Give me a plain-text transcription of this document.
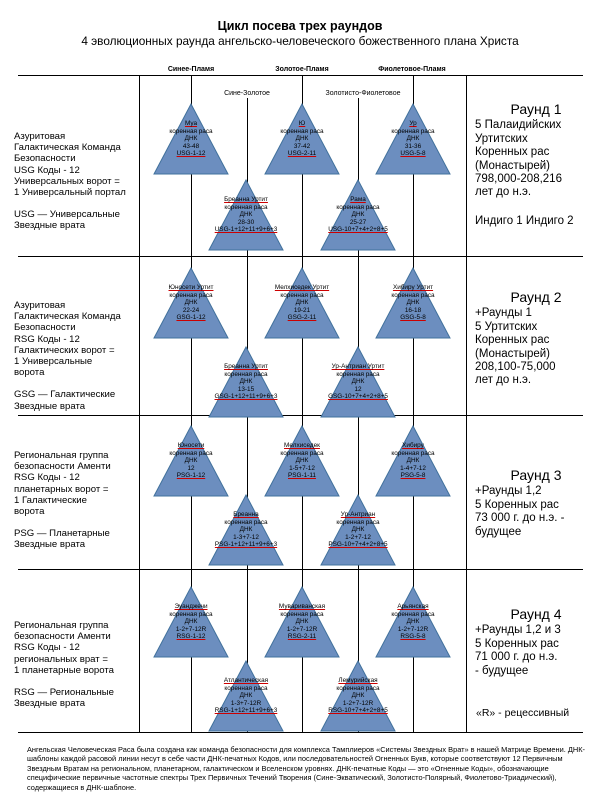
Цикл посева трех раундов
4 эволюционных раунда ангельско-человеческого божественного плана Христа
Синее-Пламя	Золотое-Пламя	Фиолетовое-Пламя
Сине-Золотое	Золотисто-Фиолетовое
Азуритовая
Галактическая Команда
Безопасности
USG Коды - 12
Универсальных ворот =
1 Универсальный портал
USG — Универсальные
Звездные врата
Азуритовая
Галактическая Команда
Безопасности
RSG Коды - 12
Галактических ворот =
1 Универсальные
ворота
GSG — Галактические
Звездные врата
Региональная группа
безопасности Аменти
RSG Коды - 12
планетарных ворот =
1 Галактические
ворота
PSG — Планетарные
Звездные врата
Региональная группа
безопасности Аменти
RSG Коды - 12
региональных врат =
1 планетарные ворота
RSG — Региональные
Звездные врата
Раунд 1
5 Палаидийских
Уртитских
Коренных рас
(Монастырей)
798,000-208,216
лет до н.э.
Индиго 1 Индиго 2
Раунд 2
+Раунды 1
5 Уртитских
Коренных рас
(Монастырей)
208,100-75,000
лет до н.э.
Раунд 3
+Раунды 1,2
5 Коренных рас
73 000 г. до н.э. -
будущее
Раунд 4
+Раунды 1,2 и 3
5 Коренных рас
71 000 г. до н.э.
- будущее
«R» - рецессивный
Ангельская Человеческая Раса была создана как команда безопасности для комплекса Тамплиеров «Системы Звездных Врат» в нашей Матрице Времени. ДНК-шаблоны каждой расовой линии несут в себе части ДНК-печатных Кодов, или последовательностей Огненных Букв, которые соответствуют 12 Первичным Звездным Вратам на региональном, планетарном, галактическом и Вселенском уровнях. ДНК-печатные Коды — это «Огненные Коды», обозначающие специфические первичные частотные спектры Трех Первичных Течений Творения (Сине-Экватический, Золотисто-Полярный, Фиолетово-Триадический), содержащиеся в ДНК-шаблоне.
Муа
коренная раса
ДНК
43-48
USG-1-12
Ю
коренная раса
ДНК
37-42
USG-2-11
Ур
коренная раса
ДНК
31-36
USG-5-8
Бреанна Уртит
коренная раса
ДНК
28-30
USG-1+12+11+9+6+3
Рама
коренная раса
ДНК
25-27
USG-10+7+4+2+8+5
Юносети Уртит
коренная раса
ДНК
22-24
GSG-1-12
Мелхиседек Уртит
коренная раса
ДНК
19-21
GSG-2-11
Хибиру Уртит
коренная раса
ДНК
16-18
GSG-5-8
Бреанна Уртит
коренная раса
ДНК
13-15
GSG-1+12+11+9+6+3
Ур-Антриан Уртит
коренная раса
ДНК
12
GSG-10+7+4+2+8+5
Юносети
коренная раса
ДНК
12
PSG-1-12
Мелхиседек
коренная раса
ДНК
1-5+7-12
PSG-1-11
Хибиру
коренная раса
ДНК
1-4+7-12
PSG-5-8
Бреанна
коренная раса
ДНК
1-3+7-12
PSG-1+12+11+9+6+3
Ур-Антриан
коренная раса
ДНК
1-2+7-12
PSG-10+7+4+2+8+5
Эуанджечи
коренная раса
ДНК
1-2+7-12R
RSG-1-12
Мувариванская
коренная раса
ДНК
1-2+7-12R
RSG-2-11
Арьянская
коренная раса
ДНК
1-2+7-12R
RSG-5-8
Атлантическая
коренная раса
ДНК
1-3+7-12R
RSG-1+12+11+9+6+3
Лемурийская
коренная раса
ДНК
1-2+7-12R
RSG-10+7+4+2+8+5
